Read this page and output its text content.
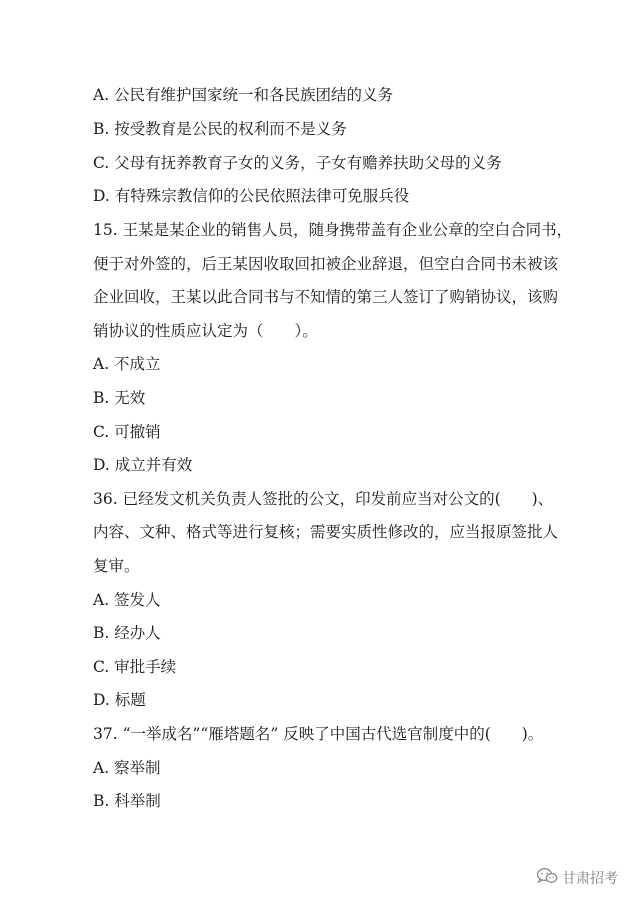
A. 公民有维护国家统一和各民族团结的义务
B. 按受教育是公民的权利而不是义务
C. 父母有抚养教育子女的义务，子女有赡养扶助父母的义务
D. 有特殊宗教信仰的公民依照法律可免服兵役
15. 王某是某企业的销售人员，随身携带盖有企业公章的空白合同书，
便于对外签的，后王某因收取回扣被企业辞退，但空白合同书未被该
企业回收，王某以此合同书与不知情的第三人签订了购销协议，该购
销协议的性质应认定为（　　）。
A. 不成立
B. 无效
C. 可撤销
D. 成立并有效
36. 已经发文机关负责人签批的公文，印发前应当对公文的(　　)、
内容、文种、格式等进行复核；需要实质性修改的，应当报原签批人
复审。
A. 签发人
B. 经办人
C. 审批手续
D. 标题
37. “一举成名”“雁塔题名” 反映了中国古代选官制度中的(　　)。
A. 察举制
B. 科举制
甘肃招考
